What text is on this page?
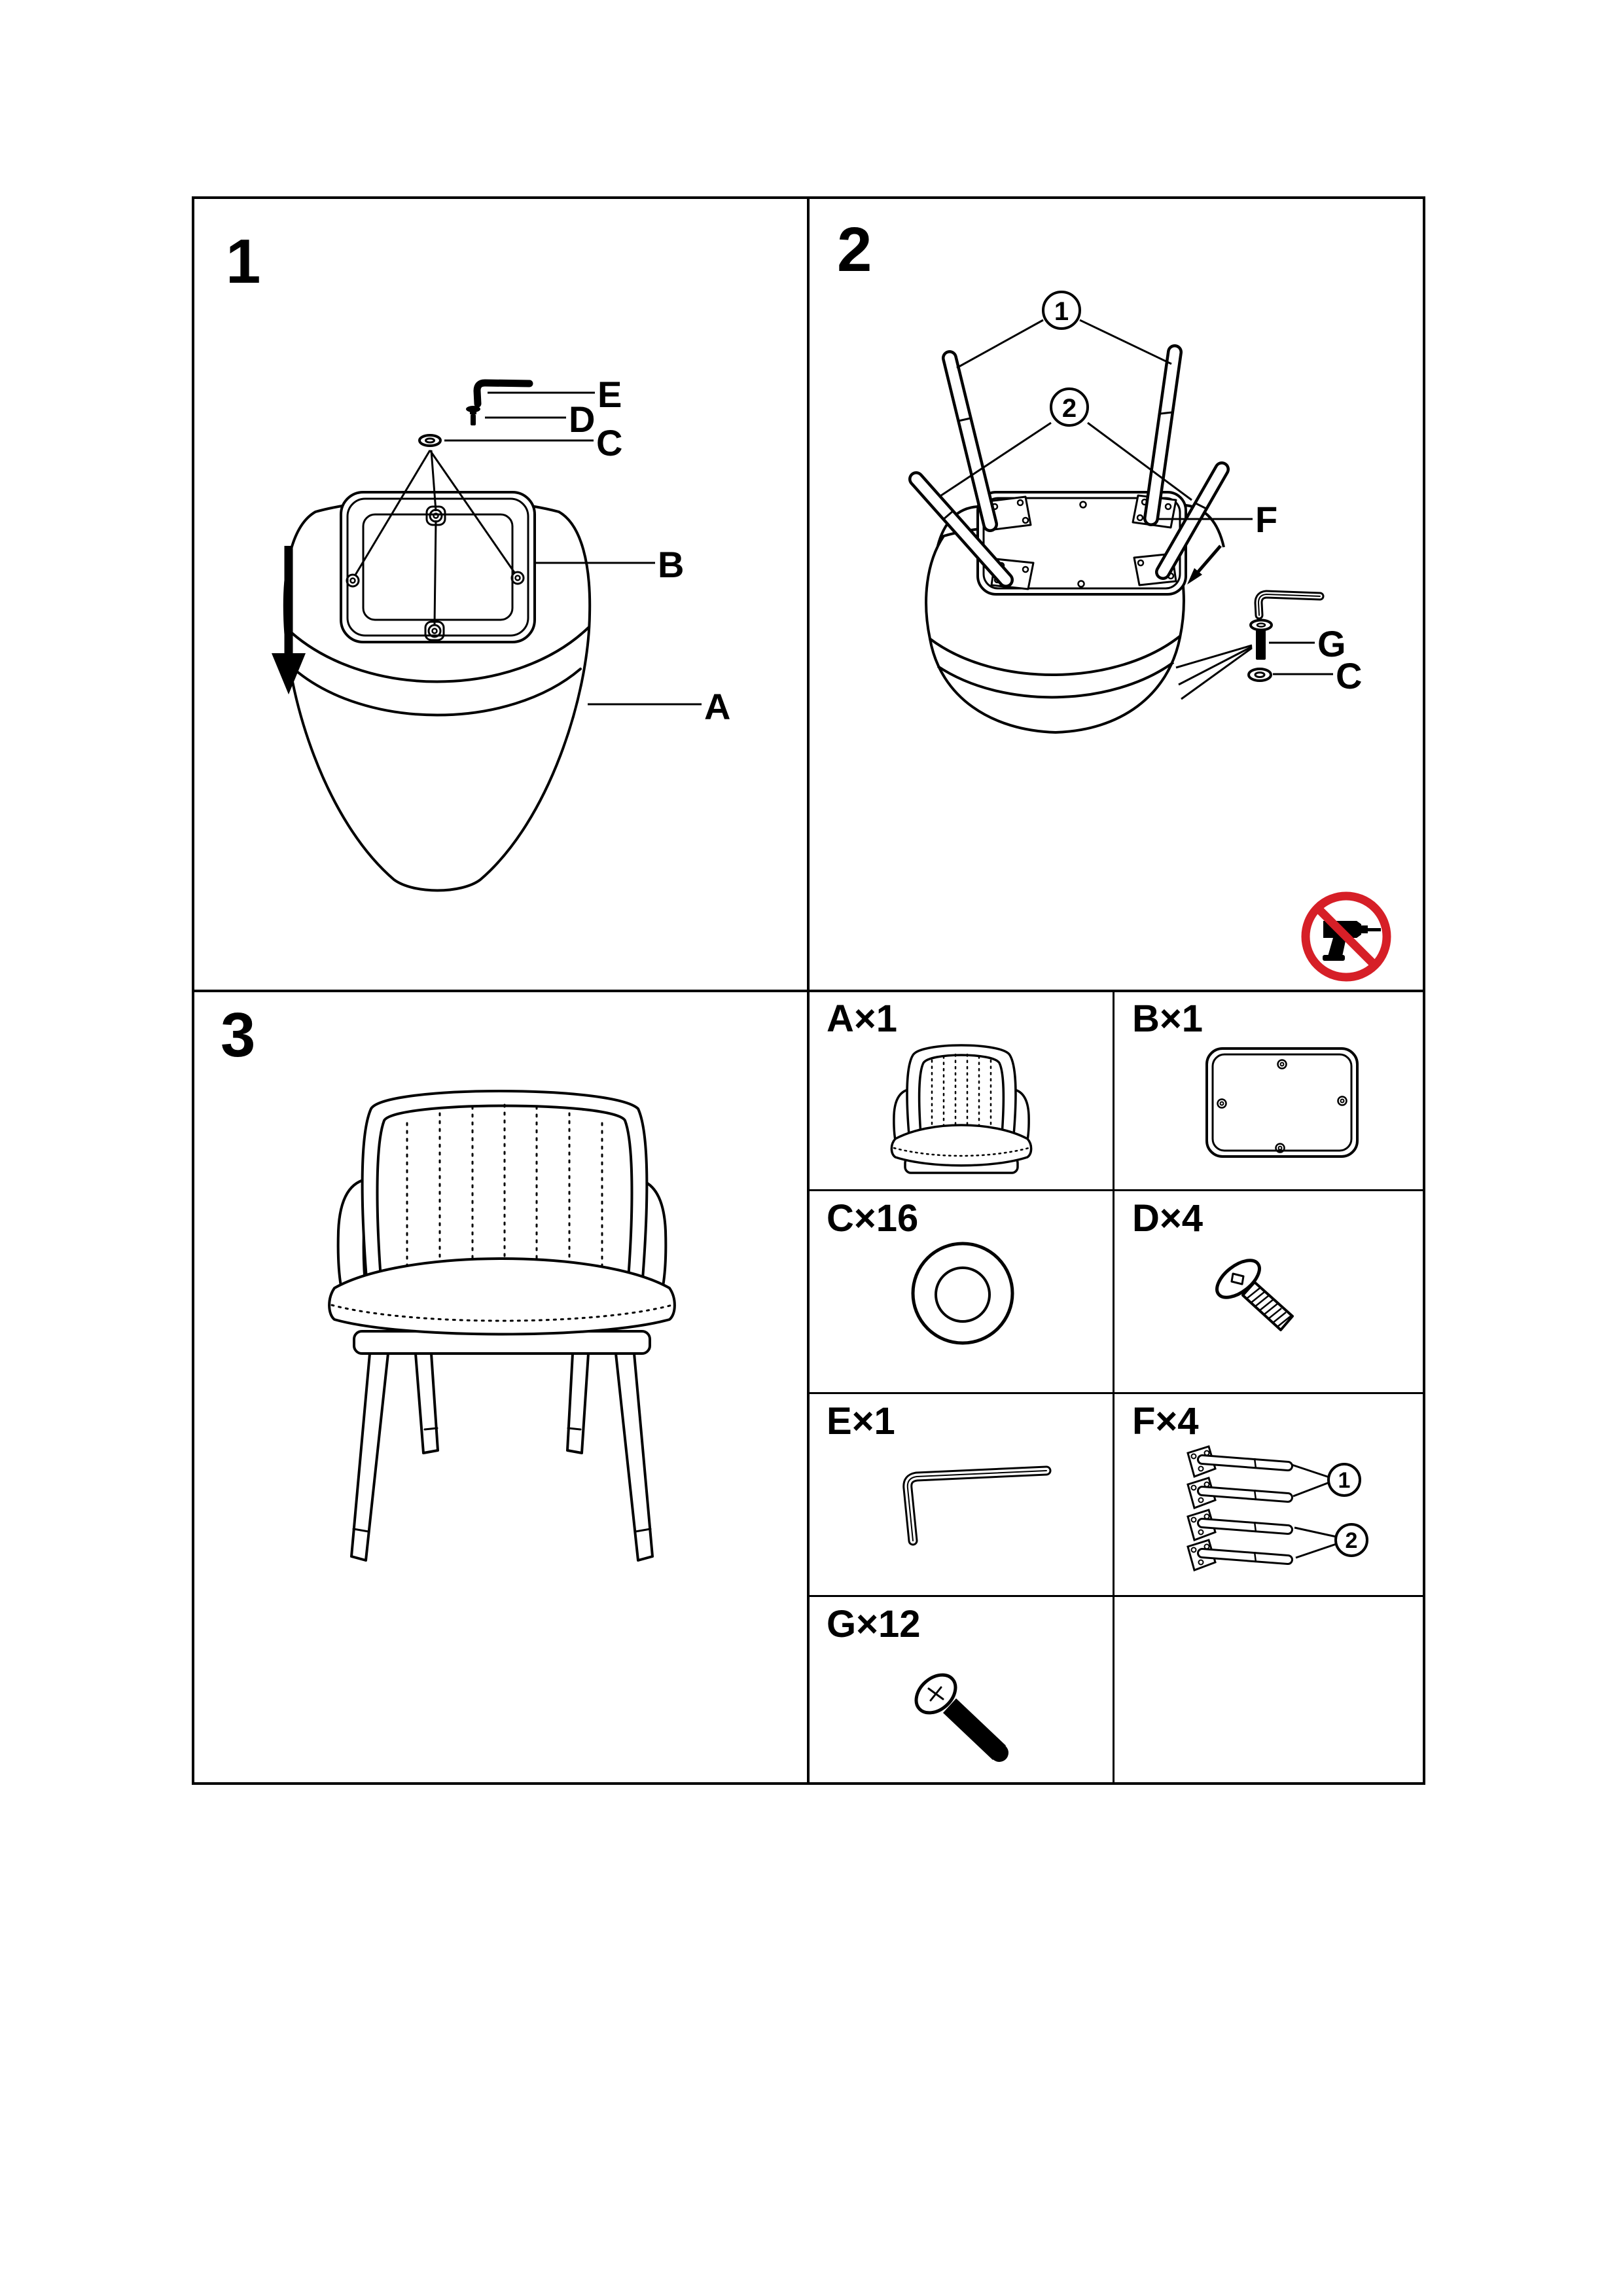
1
E
D
C
B
A
2
1
2
F
G
C
3	A×1	B×1
C×16	D×4
E×1	F×4
G×12
1
2
